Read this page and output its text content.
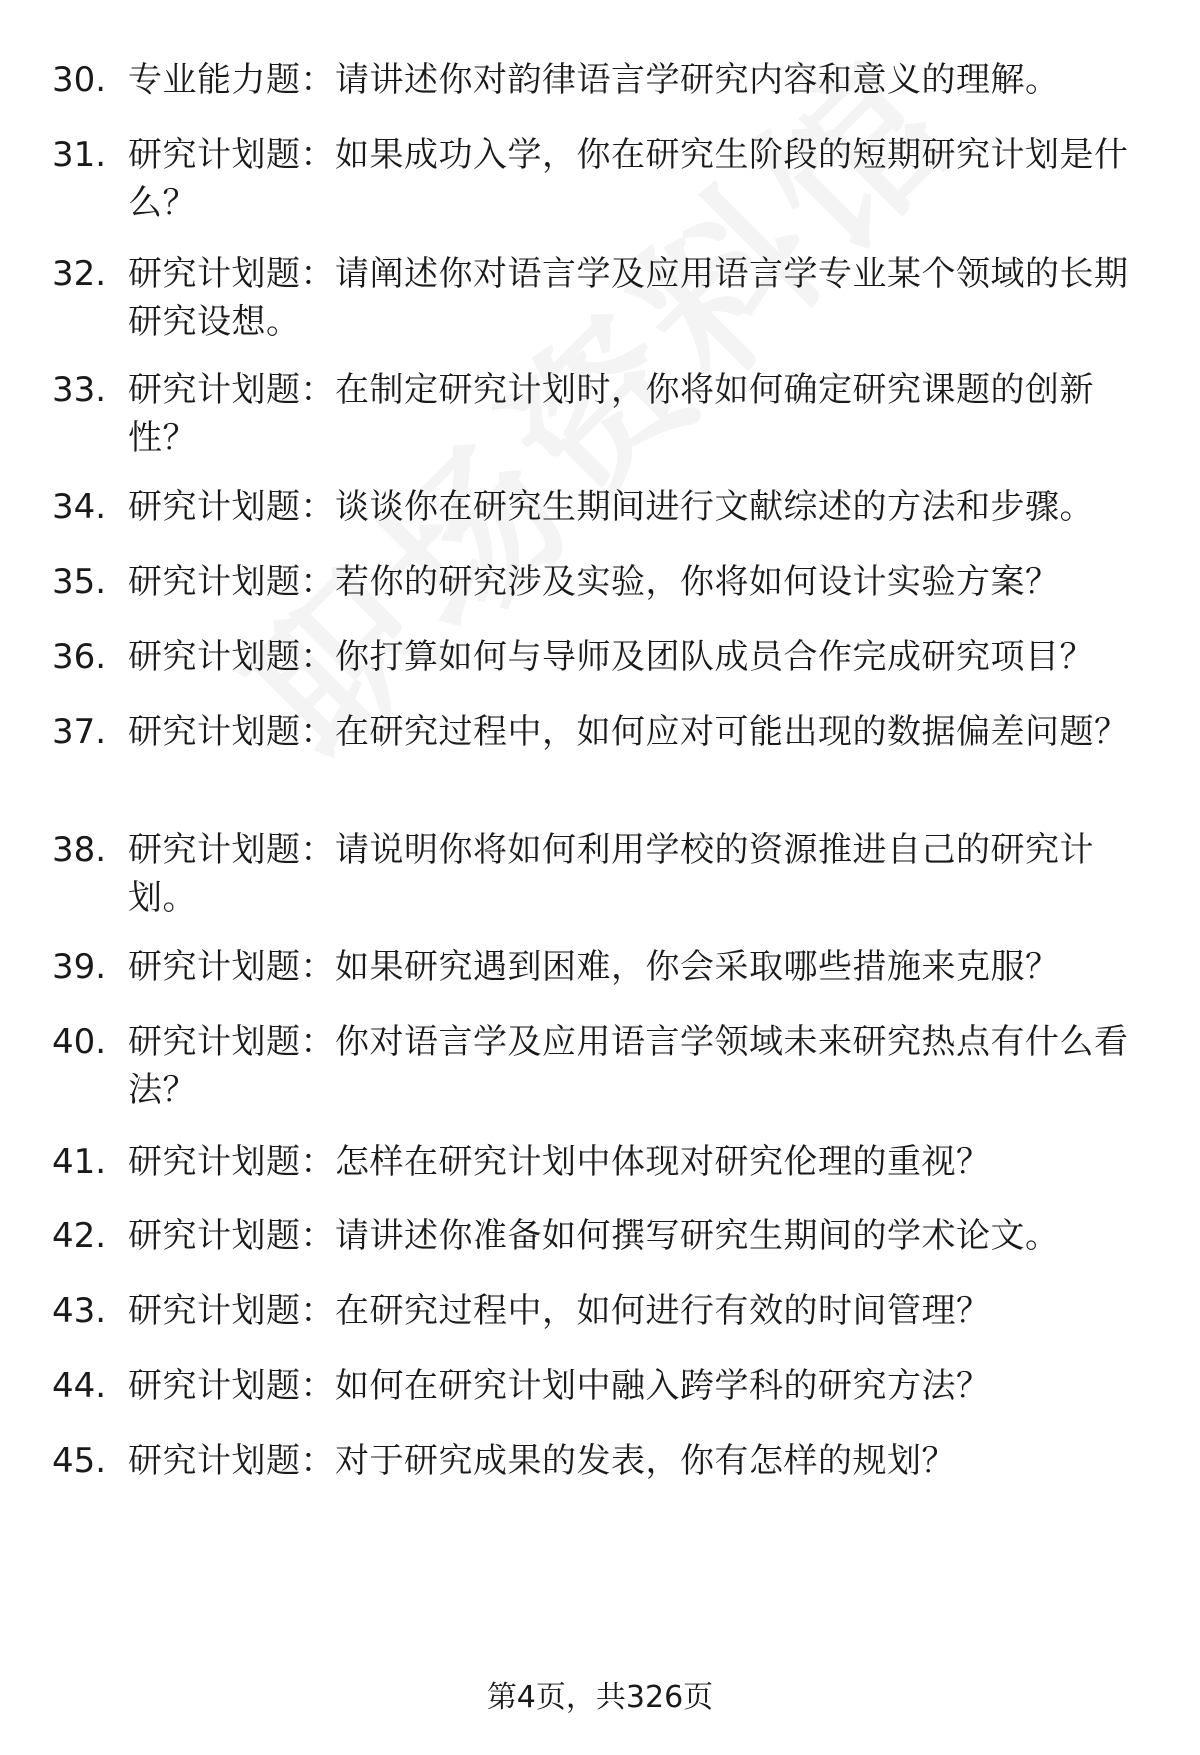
30. 专业能力题：请讲述你对韵律语言学研究内容和意义的理解。
31. 研究计划题：如果成功入学，你在研究生阶段的短期研究计划是什么？
32. 研究计划题：请阐述你对语言学及应用语言学专业某个领域的长期研究设想。
33. 研究计划题：在制定研究计划时，你将如何确定研究课题的创新性？
34. 研究计划题：谈谈你在研究生期间进行文献综述的方法和步骤。
35. 研究计划题：若你的研究涉及实验，你将如何设计实验方案？
36. 研究计划题：你打算如何与导师及团队成员合作完成研究项目？
37. 研究计划题：在研究过程中，如何应对可能出现的数据偏差问题？
38. 研究计划题：请说明你将如何利用学校的资源推进自己的研究计划。
39. 研究计划题：如果研究遇到困难，你会采取哪些措施来克服？
40. 研究计划题：你对语言学及应用语言学领域未来研究热点有什么看法？
41. 研究计划题：怎样在研究计划中体现对研究伦理的重视？
42. 研究计划题：请讲述你准备如何撰写研究生期间的学术论文。
43. 研究计划题：在研究过程中，如何进行有效的时间管理？
44. 研究计划题：如何在研究计划中融入跨学科的研究方法？
45. 研究计划题：对于研究成果的发表，你有怎样的规划？
第4页，共326页
